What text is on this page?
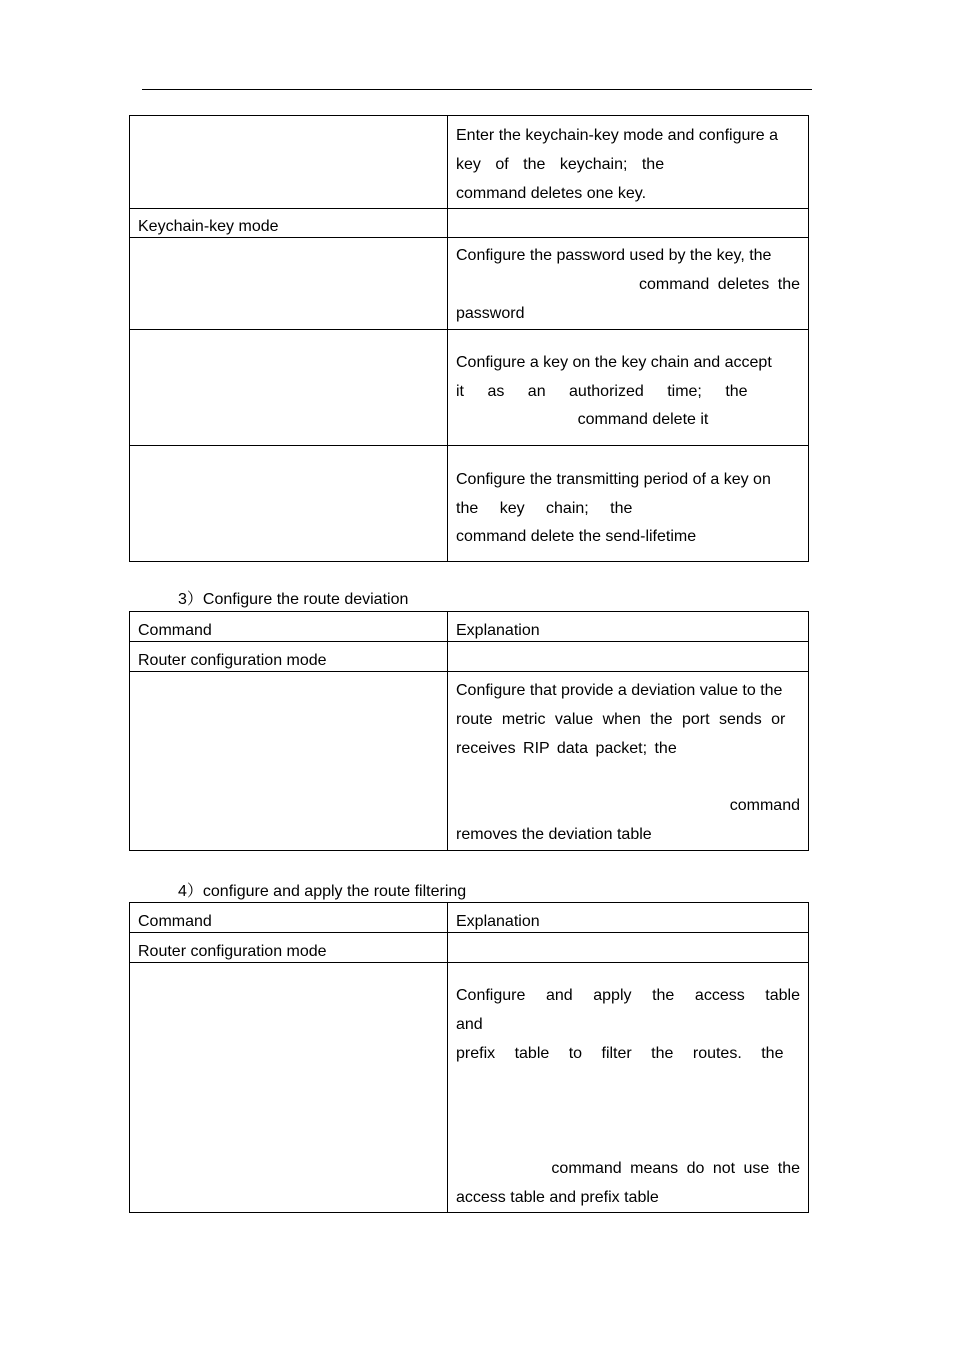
	Enter the keychain-key mode and configure a
key of the keychain; the
command deletes one key.

Keychain-key mode	

	Configure the password used by the key, the
command deletes the
password

	Configure a key on the key chain and accept
it as an authorized time; the
command delete it

	Configure the transmitting period of a key on
the key chain; the
command delete the send-lifetime
3）Configure the route deviation
Command	Explanation
Router configuration mode	

	Configure that provide a deviation value to the
route metric value when the port sends or
receives RIP data packet; the

command
removes the deviation table
4）configure and apply the route filtering
Command	Explanation
Router configuration mode	

	Configure and apply the access table and
prefix table to filter the routes. the

command means do not use the
access table and prefix table
